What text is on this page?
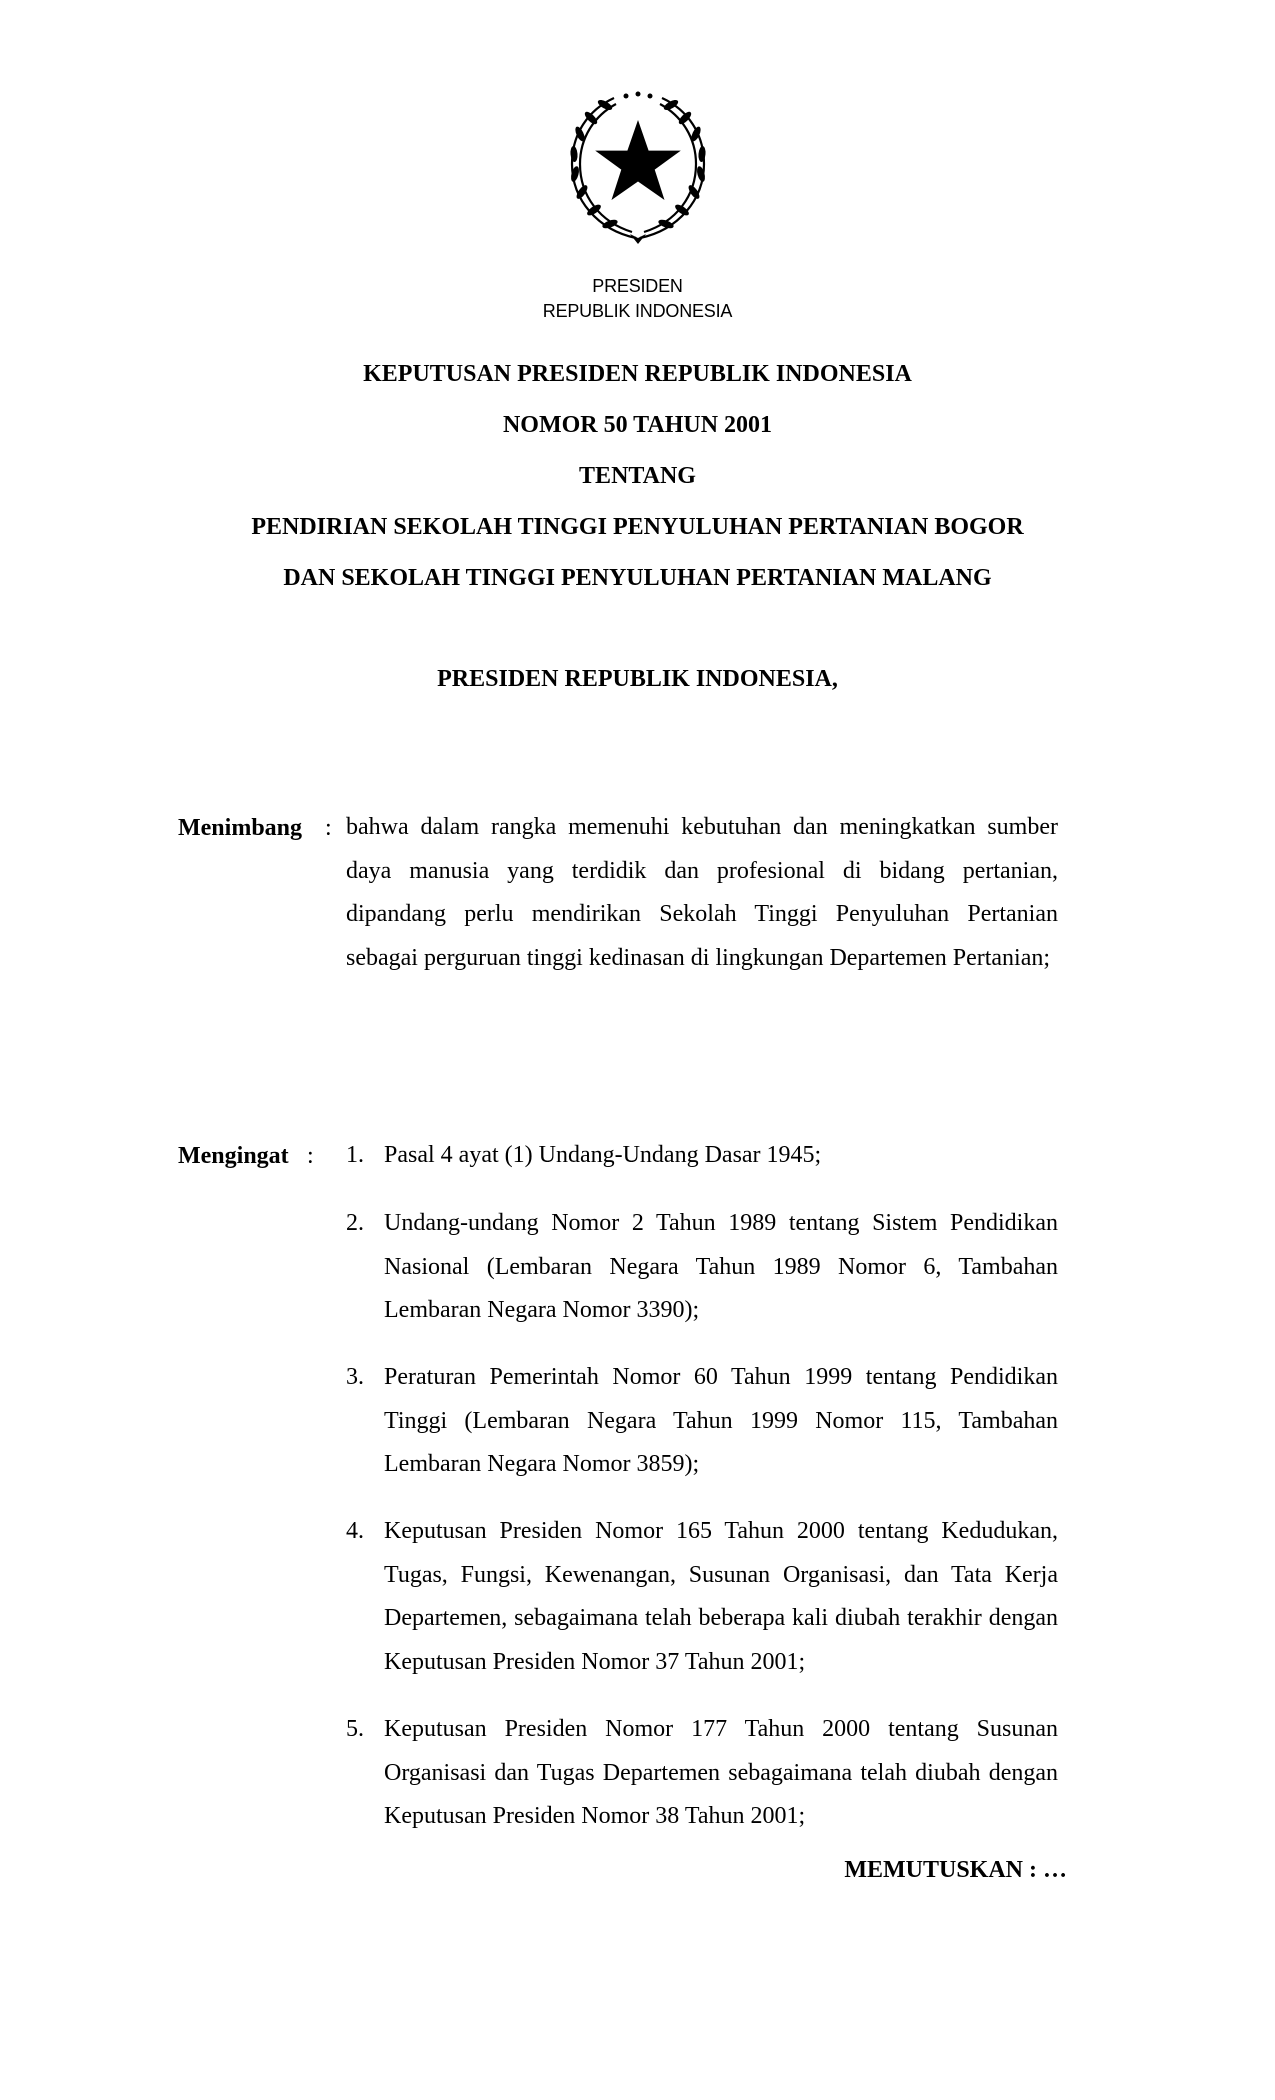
PRESIDEN
REPUBLIK INDONESIA
KEPUTUSAN PRESIDEN REPUBLIK INDONESIA
NOMOR 50 TAHUN 2001
TENTANG
PENDIRIAN SEKOLAH TINGGI PENYULUHAN PERTANIAN BOGOR
DAN SEKOLAH TINGGI PENYULUHAN PERTANIAN MALANG
PRESIDEN REPUBLIK INDONESIA,
Menimbang : bahwa dalam rangka memenuhi kebutuhan dan meningkatkan sumber daya manusia yang terdidik dan profesional di bidang pertanian, dipandang perlu mendirikan Sekolah Tinggi Penyuluhan Pertanian sebagai perguruan tinggi kedinasan di lingkungan Departemen Pertanian;
Mengingat : 1. Pasal 4 ayat (1) Undang-Undang Dasar 1945;
2. Undang-undang Nomor 2 Tahun 1989 tentang Sistem Pendidikan Nasional (Lembaran Negara Tahun 1989 Nomor 6, Tambahan Lembaran Negara Nomor 3390);
3. Peraturan Pemerintah Nomor 60 Tahun 1999 tentang Pendidikan Tinggi (Lembaran Negara Tahun 1999 Nomor 115, Tambahan Lembaran Negara Nomor 3859);
4. Keputusan Presiden Nomor 165 Tahun 2000 tentang Kedudukan, Tugas, Fungsi, Kewenangan, Susunan Organisasi, dan Tata Kerja Departemen, sebagaimana telah beberapa kali diubah terakhir dengan Keputusan Presiden Nomor 37 Tahun 2001;
5. Keputusan Presiden Nomor 177 Tahun 2000 tentang Susunan Organisasi dan Tugas Departemen sebagaimana telah diubah dengan Keputusan Presiden Nomor 38 Tahun 2001;
MEMUTUSKAN : …
